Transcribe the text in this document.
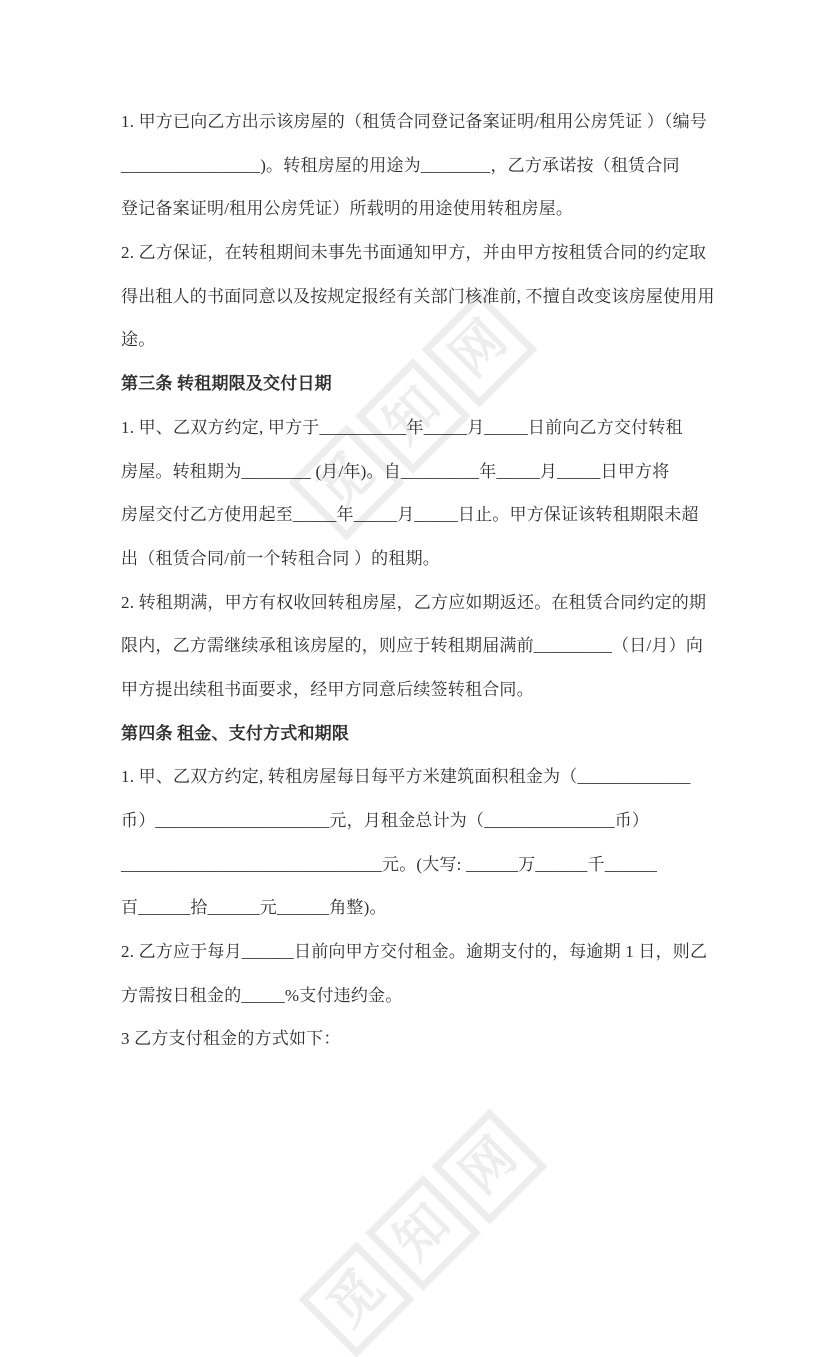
觅
知
网
觅
知
网
1. 甲方已向乙方出示该房屋的（租赁合同登记备案证明/租用公房凭证 ）（编号
________________)。转租房屋的用途为________，乙方承诺按（租赁合同
登记备案证明/租用公房凭证）所载明的用途使用转租房屋。
2. 乙方保证，在转租期间未事先书面通知甲方，并由甲方按租赁合同的约定取
得出租人的书面同意以及按规定报经有关部门核准前, 不擅自改变该房屋使用用
途。
第三条 转租期限及交付日期
1. 甲、乙双方约定, 甲方于__________年_____月_____日前向乙方交付转租
房屋。转租期为________ (月/年)。自_________年_____月_____日甲方将
房屋交付乙方使用起至_____年_____月_____日止。甲方保证该转租期限未超
出（租赁合同/前一个转租合同 ）的租期。
2. 转租期满，甲方有权收回转租房屋，乙方应如期返还。在租赁合同约定的期
限内，乙方需继续承租该房屋的，则应于转租期届满前_________（日/月）向
甲方提出续租书面要求，经甲方同意后续签转租合同。
第四条 租金、支付方式和期限
1. 甲、乙双方约定, 转租房屋每日每平方米建筑面积租金为（_____________
币）____________________元，月租金总计为（_______________币）
______________________________元。(大写: ______万______千______
百______拾______元______角整)。
2. 乙方应于每月______日前向甲方交付租金。逾期支付的，每逾期 1 日，则乙
方需按日租金的_____%支付违约金。
3 乙方支付租金的方式如下：
